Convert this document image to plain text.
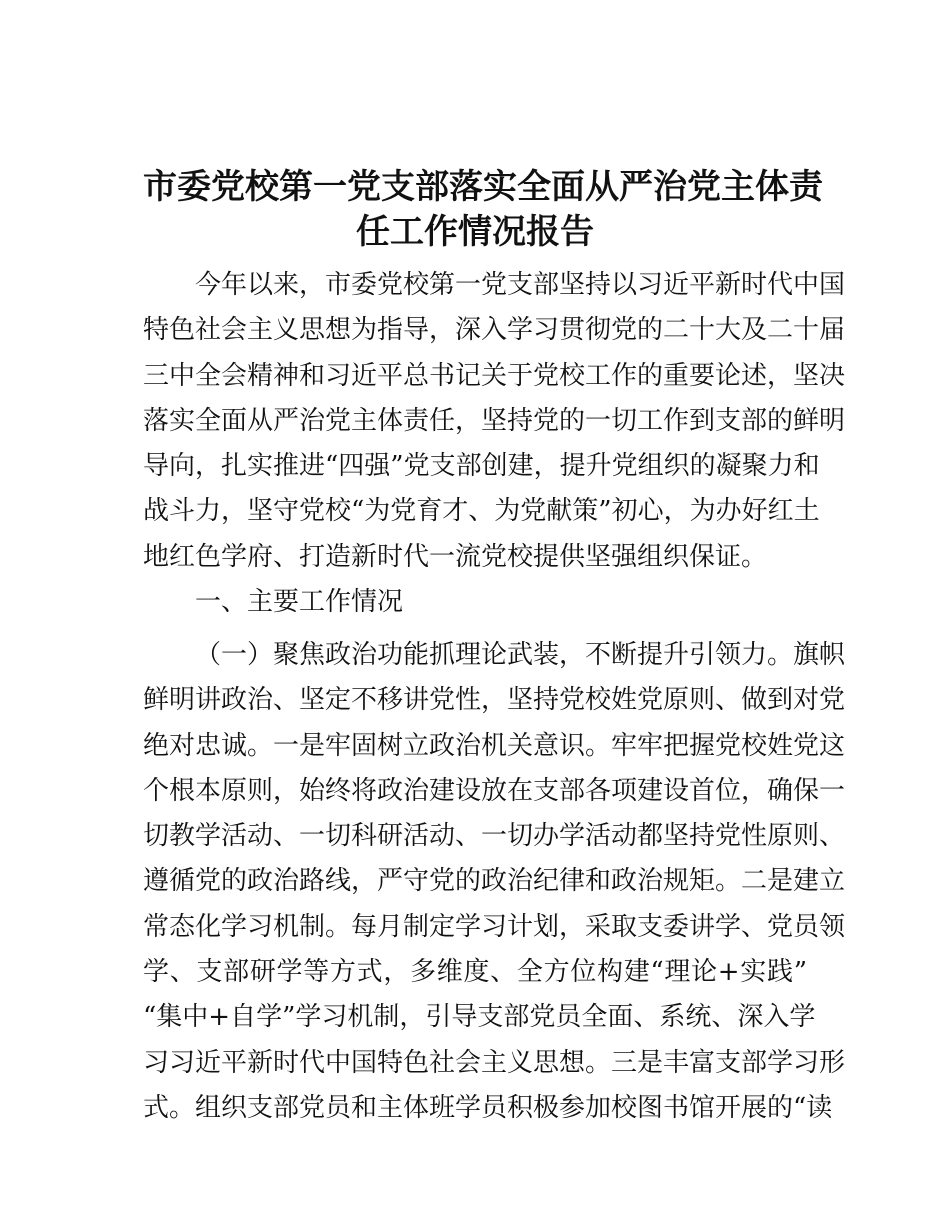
市委党校第一党支部落实全面从严治党主体责
任工作情况报告
今年以来，市委党校第一党支部坚持以习近平新时代中国
特色社会主义思想为指导，深入学习贯彻党的二十大及二十届
三中全会精神和习近平总书记关于党校工作的重要论述，坚决
落实全面从严治党主体责任，坚持党的一切工作到支部的鲜明
导向，扎实推进“四强”党支部创建，提升党组织的凝聚力和
战斗力，坚守党校“为党育才、为党献策”初心，为办好红土
地红色学府、打造新时代一流党校提供坚强组织保证。
一、主要工作情况
（一）聚焦政治功能抓理论武装，不断提升引领力。旗帜
鲜明讲政治、坚定不移讲党性，坚持党校姓党原则、做到对党
绝对忠诚。一是牢固树立政治机关意识。牢牢把握党校姓党这
个根本原则，始终将政治建设放在支部各项建设首位，确保一
切教学活动、一切科研活动、一切办学活动都坚持党性原则、
遵循党的政治路线，严守党的政治纪律和政治规矩。二是建立
常态化学习机制。每月制定学习计划，采取支委讲学、党员领
学、支部研学等方式，多维度、全方位构建“理论+实践”
“集中+自学”学习机制，引导支部党员全面、系统、深入学
习习近平新时代中国特色社会主义思想。三是丰富支部学习形
式。组织支部党员和主体班学员积极参加校图书馆开展的“读
